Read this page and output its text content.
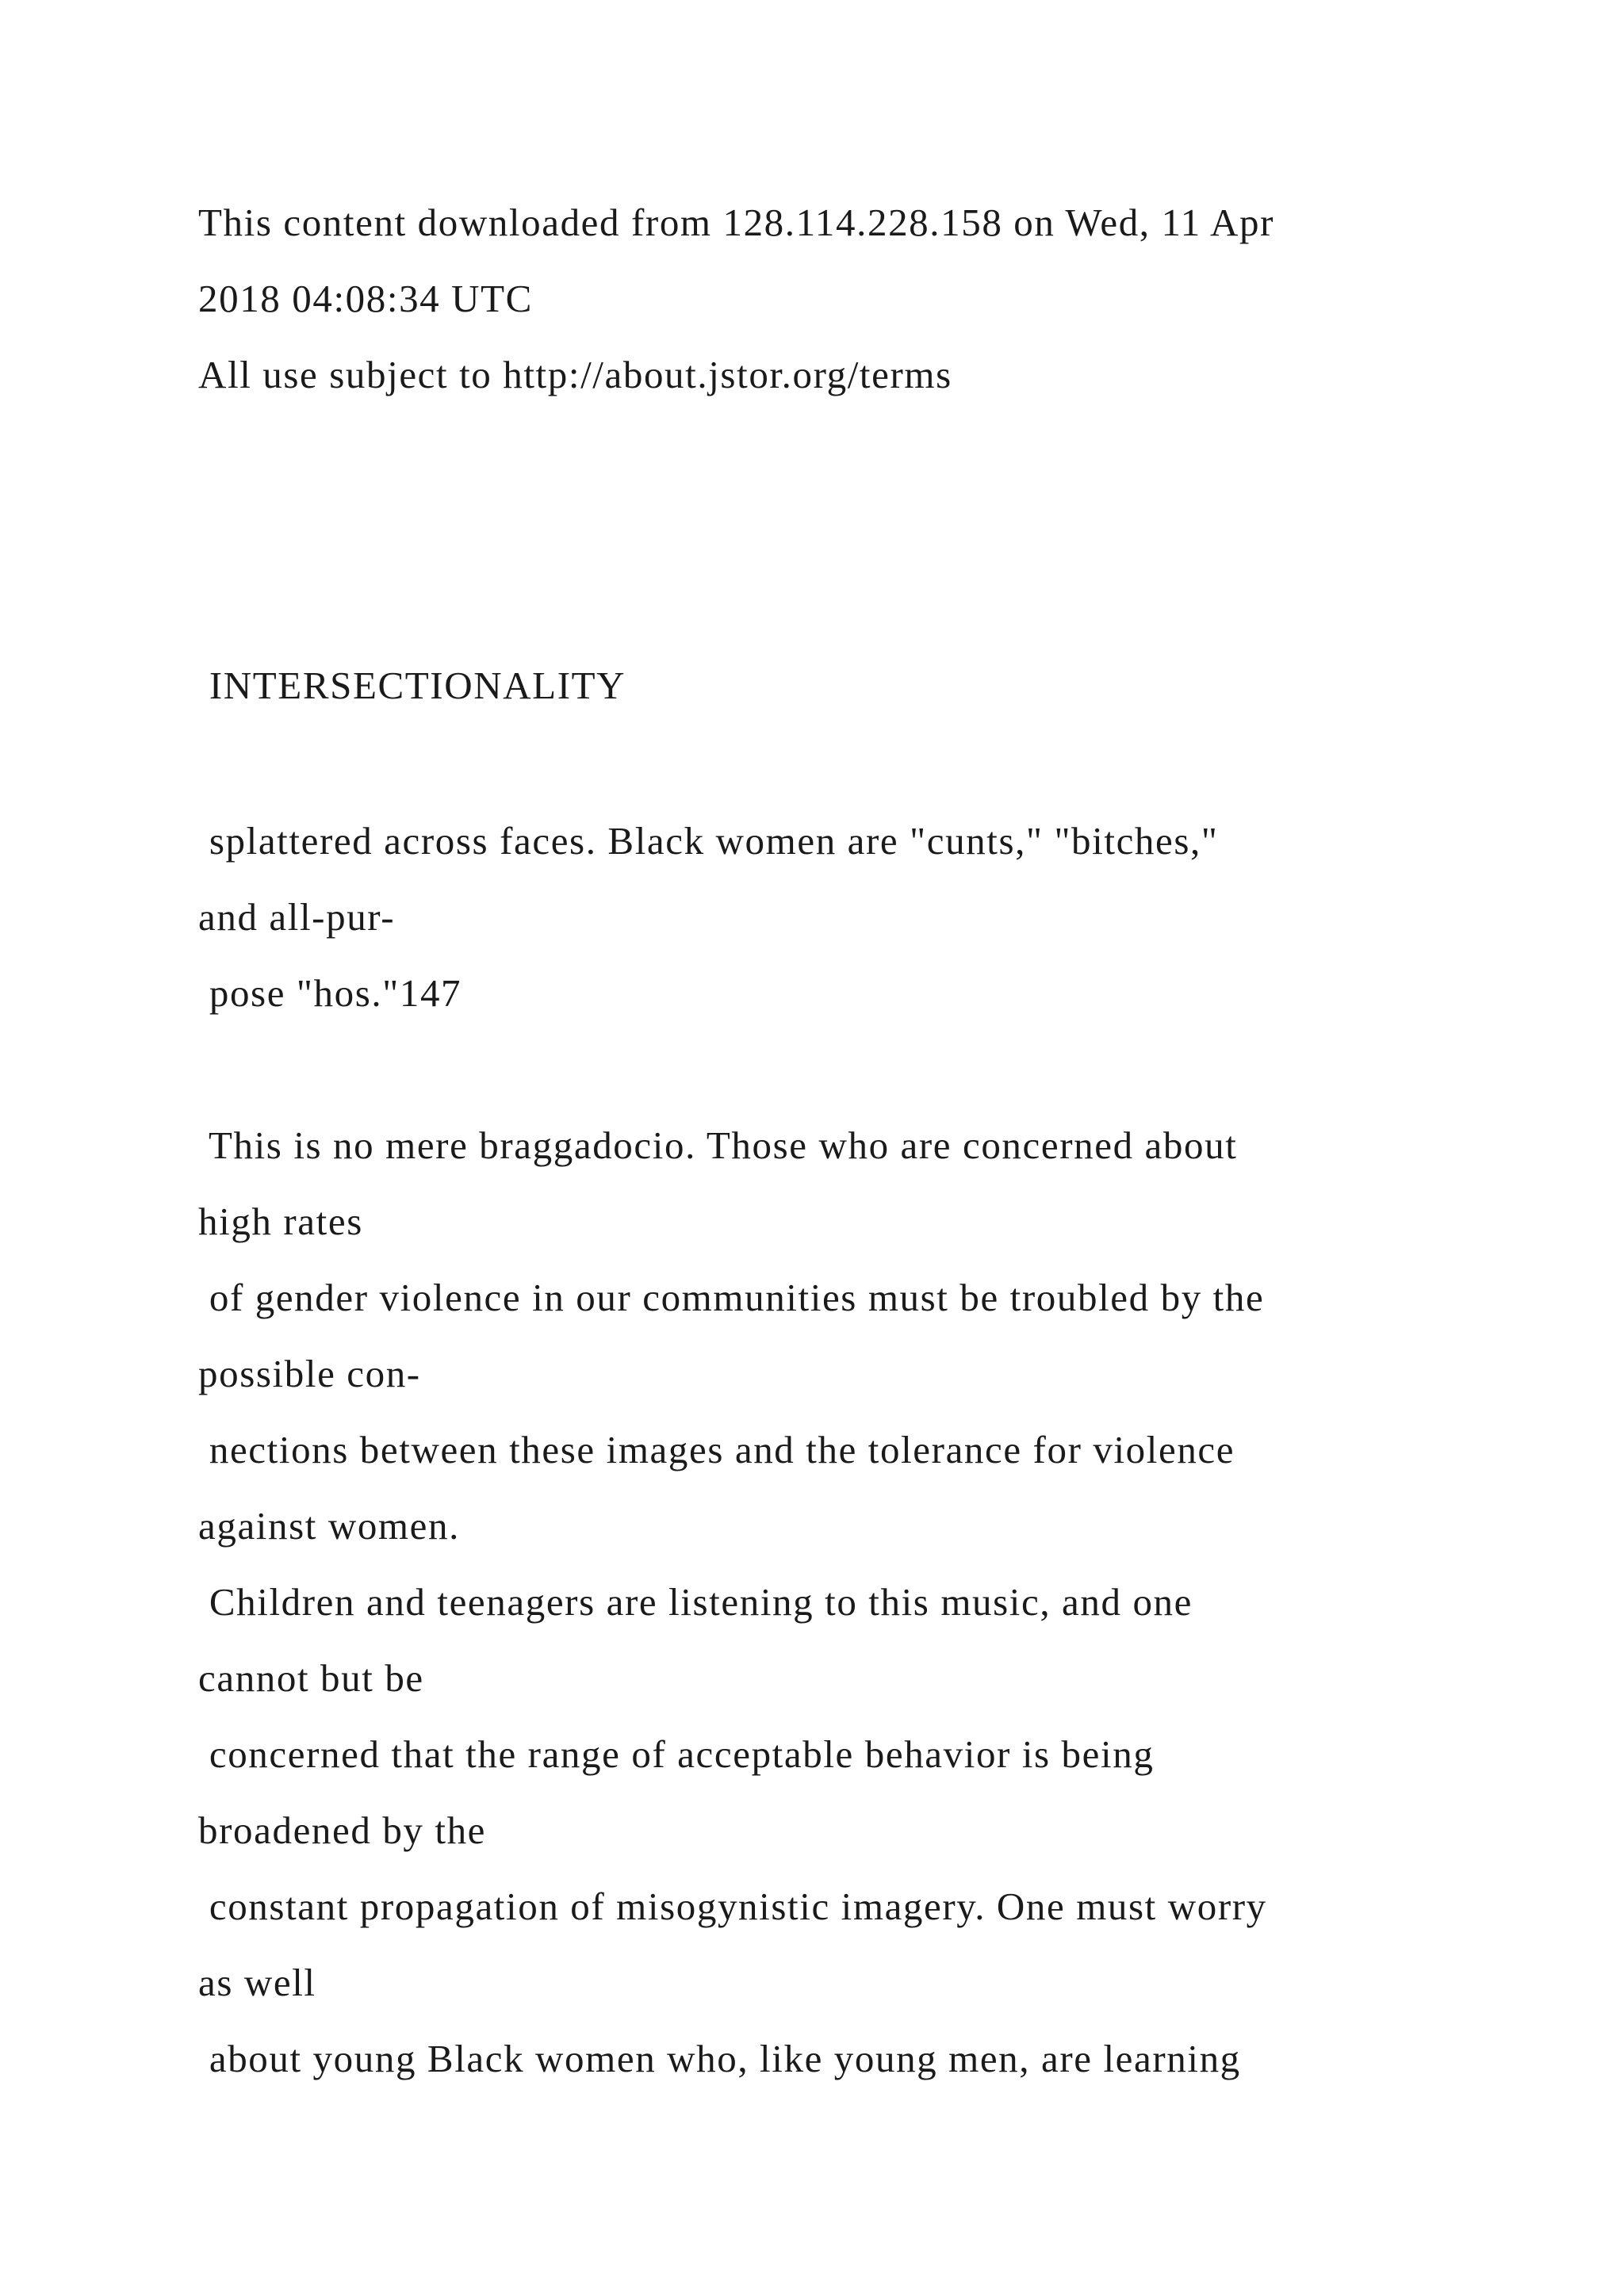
This content downloaded from 128.114.228.158 on Wed, 11 Apr

2018 04:08:34 UTC

All use subject to http://about.jstor.org/terms

INTERSECTIONALITY

splattered across faces. Black women are "cunts," "bitches,"

and all-pur-

pose "hos."147

This is no mere braggadocio. Those who are concerned about

high rates

of gender violence in our communities must be troubled by the

possible con-

nections between these images and the tolerance for violence

against women.

Children and teenagers are listening to this music, and one

cannot but be

concerned that the range of acceptable behavior is being

broadened by the

constant propagation of misogynistic imagery. One must worry

as well

about young Black women who, like young men, are learning
